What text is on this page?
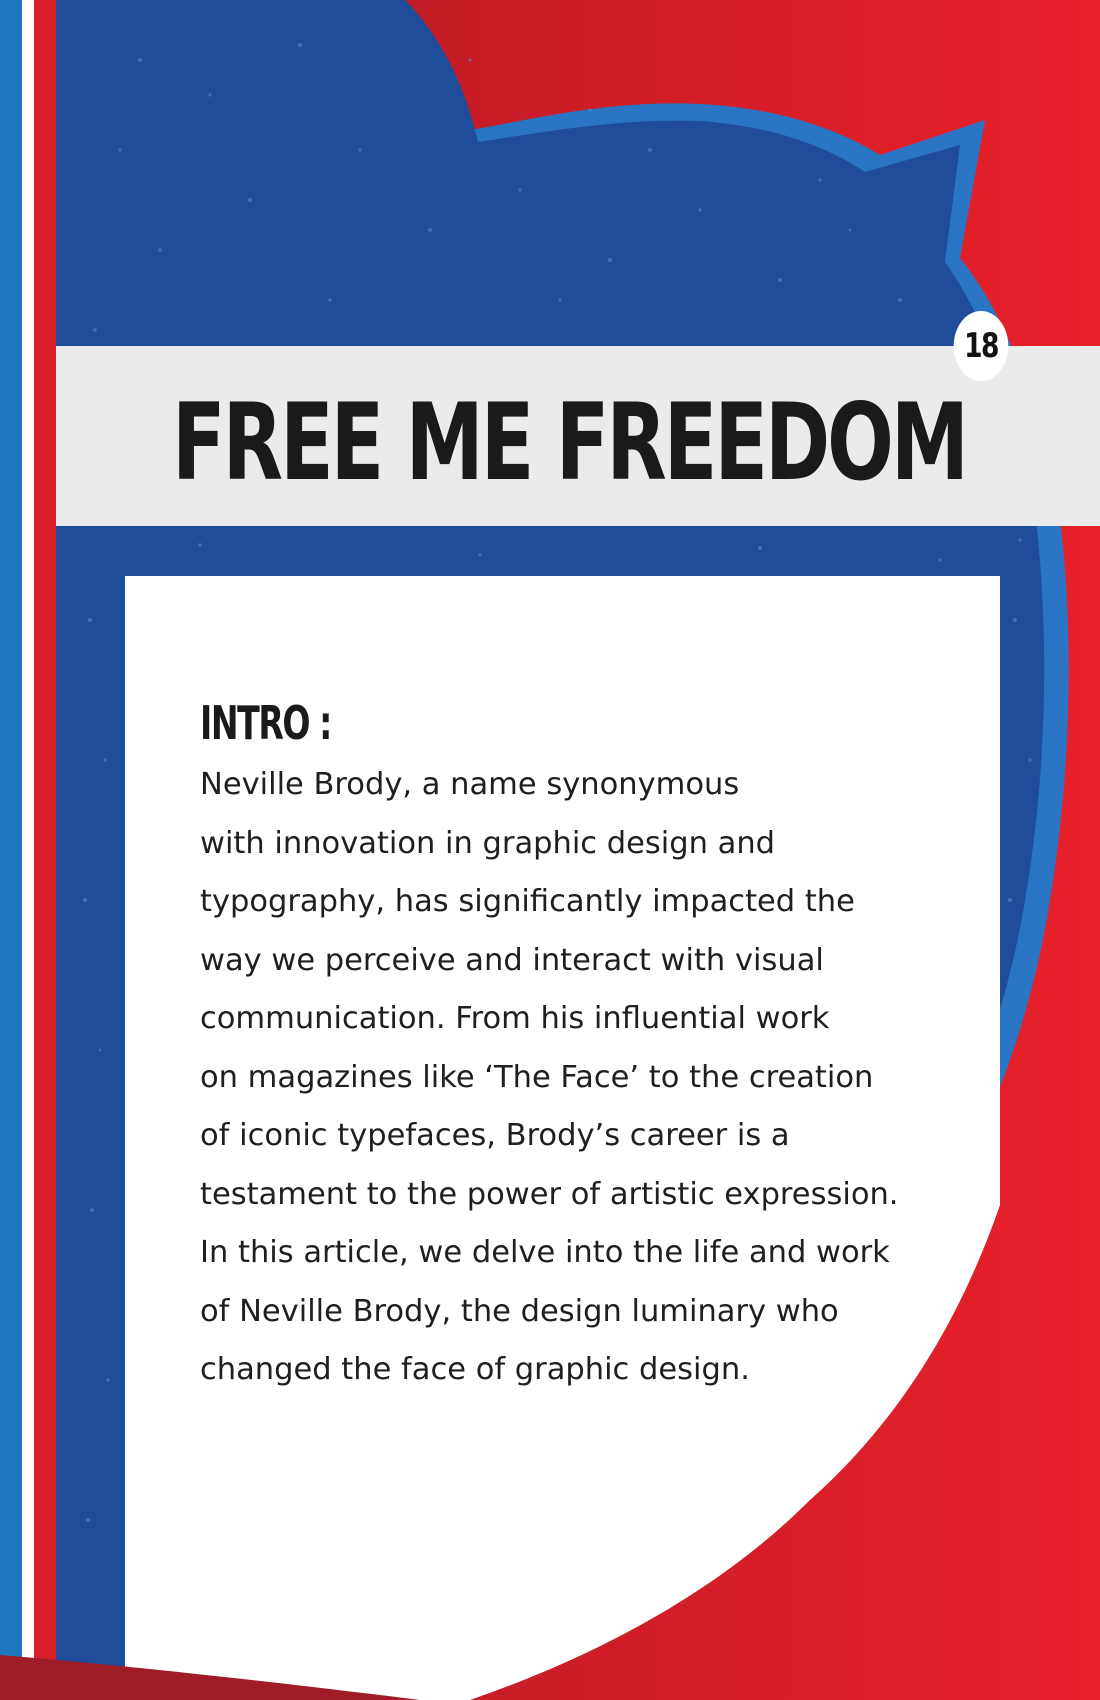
18
FREE ME FREEDOM
INTRO :

Neville Brody, a name synonymous
with innovation in graphic design and
typography, has significantly impacted the
way we perceive and interact with visual
communication. From his influential work
on magazines like ‘The Face’ to the creation
of iconic typefaces, Brody’s career is a
testament to the power of artistic expression.
In this article, we delve into the life and work
of Neville Brody, the design luminary who
changed the face of graphic design.
